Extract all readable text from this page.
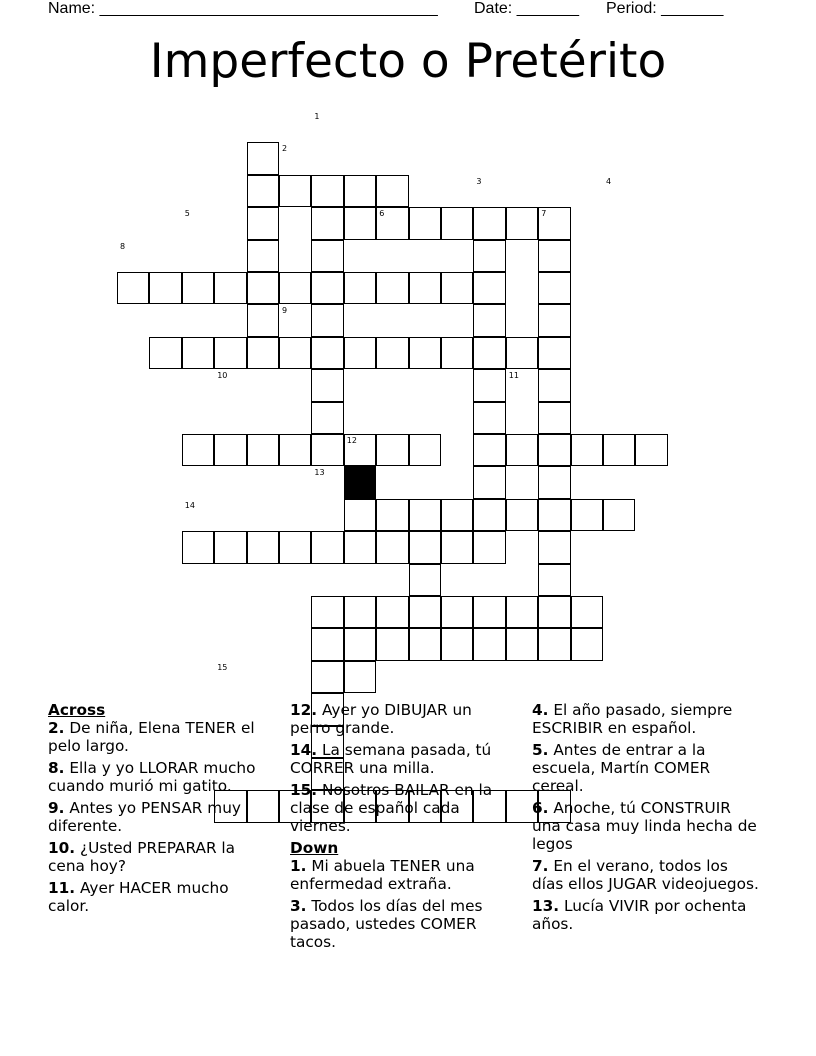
Name: ______________________________________ Date: _______ Period: _______
Imperfecto o Pretérito
1
2
3	4
5	6	7
8
9
10	11
12
13
14
15

Across

2. De niña, Elena TENER el pelo largo.

8. Ella y yo LLORAR mucho cuando murió mi gatito.

9. Antes yo PENSAR muy diferente.

10. ¿Usted PREPARAR la cena hoy?

11. Ayer HACER mucho calor.

12. Ayer yo DIBUJAR un perro grande.

14. La semana pasada, tú CORRER una milla.

15. Nosotros BAILAR en la clase de español cada viernes.

Down

1. Mi abuela TENER una enfermedad extraña.

3. Todos los días del mes pasado, ustedes COMER tacos.

4. El año pasado, siempre ESCRIBIR en español.

5. Antes de entrar a la escuela, Martín COMER cereal.

6. Anoche, tú CONSTRUIR una casa muy linda hecha de legos

7. En el verano, todos los días ellos JUGAR videojuegos.

13. Lucía VIVIR por ochenta años.
